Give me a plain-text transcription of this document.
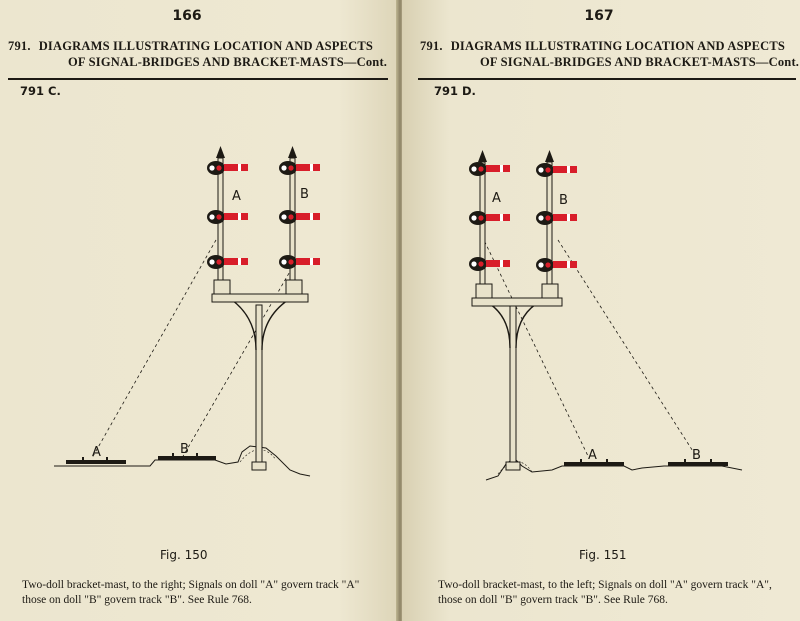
166
791. DIAGRAMS ILLUSTRATING LOCATION AND ASPECTS
OF SIGNAL-BRIDGES AND BRACKET-MASTS—Cont.
791 C.
A	B
A	B
Fig. 150
Two-doll bracket-mast, to the right; Signals on doll "A" govern track "A"
those on doll "B" govern track "B". See Rule 768.
167
791. DIAGRAMS ILLUSTRATING LOCATION AND ASPECTS
OF SIGNAL-BRIDGES AND BRACKET-MASTS—Cont.
791 D.
A	B
A	B
Fig. 151
Two-doll bracket-mast, to the left; Signals on doll "A" govern track "A",
those on doll "B" govern track "B". See Rule 768.
